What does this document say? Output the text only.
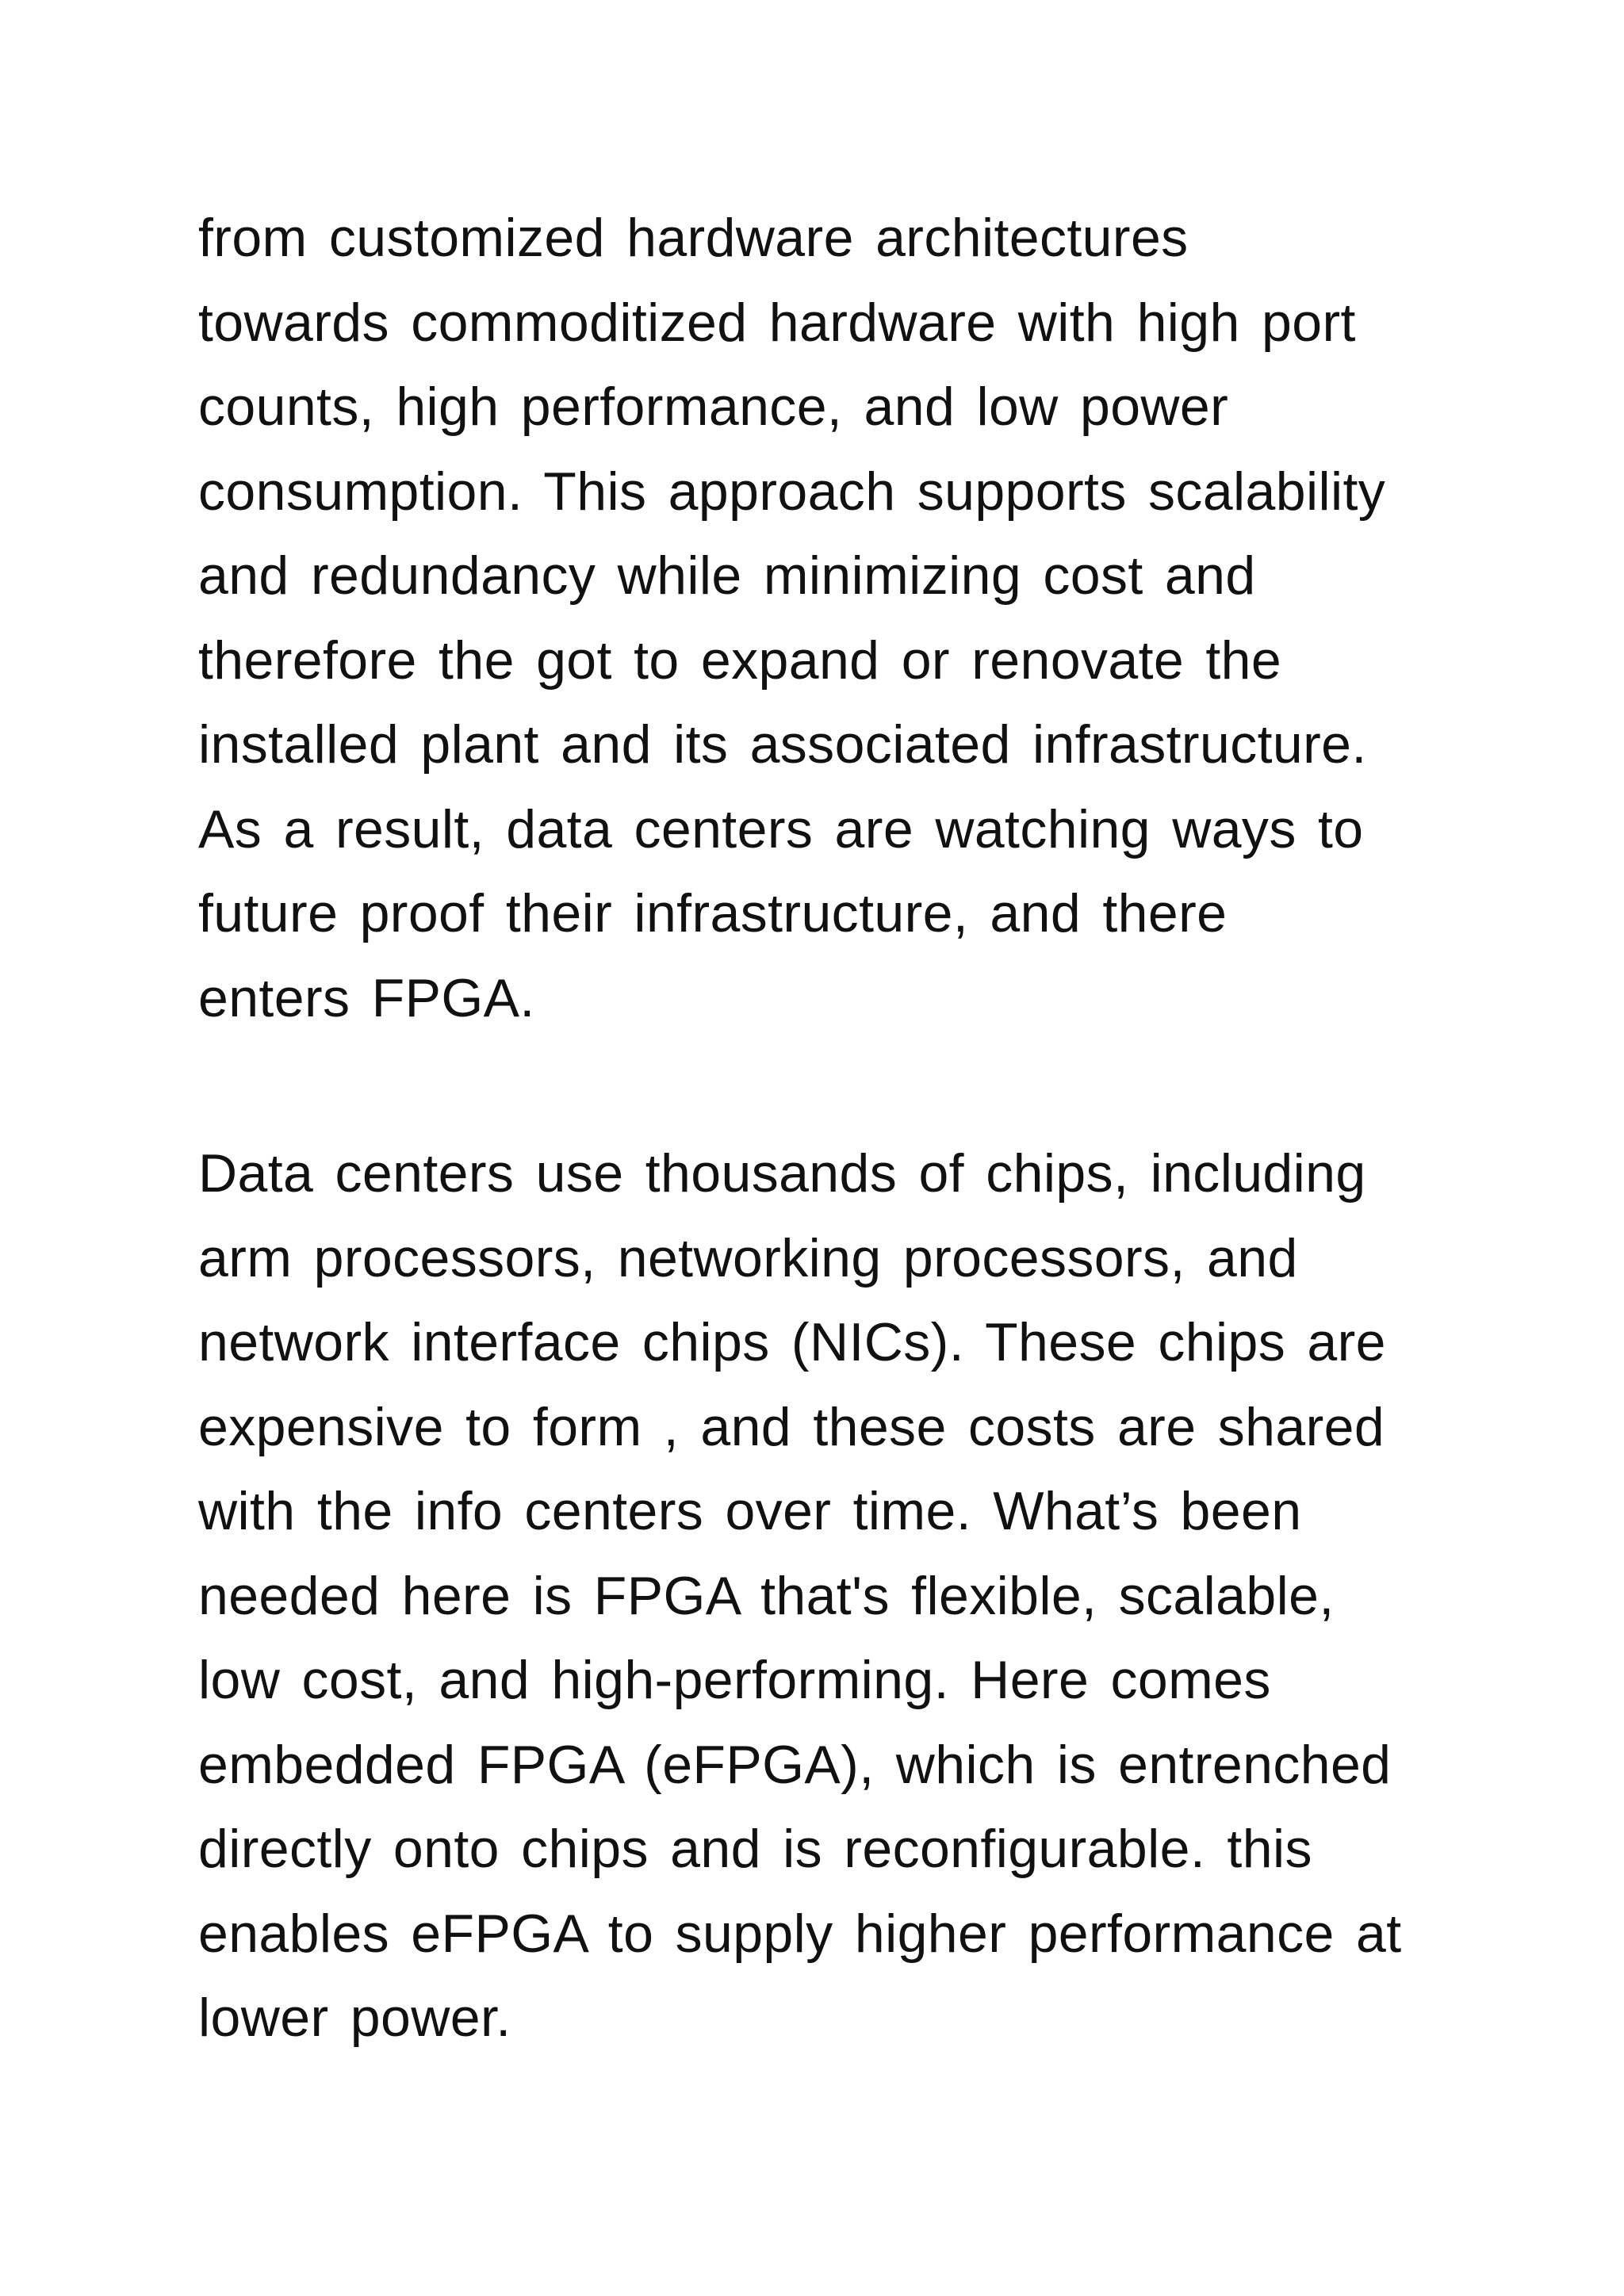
from customized hardware architectures
towards commoditized hardware with high port
counts, high performance, and low power
consumption. This approach supports scalability
and redundancy while minimizing cost and
therefore the got to expand or renovate the
installed plant and its associated infrastructure.
As a result, data centers are watching ways to
future proof their infrastructure, and there
enters FPGA.
Data centers use thousands of chips, including
arm processors, networking processors, and
network interface chips (NICs). These chips are
expensive to form , and these costs are shared
with the info centers over time. What’s been
needed here is FPGA that's flexible, scalable,
low cost, and high-performing. Here comes
embedded FPGA (eFPGA), which is entrenched
directly onto chips and is reconfigurable. this
enables eFPGA to supply higher performance at
lower power.
